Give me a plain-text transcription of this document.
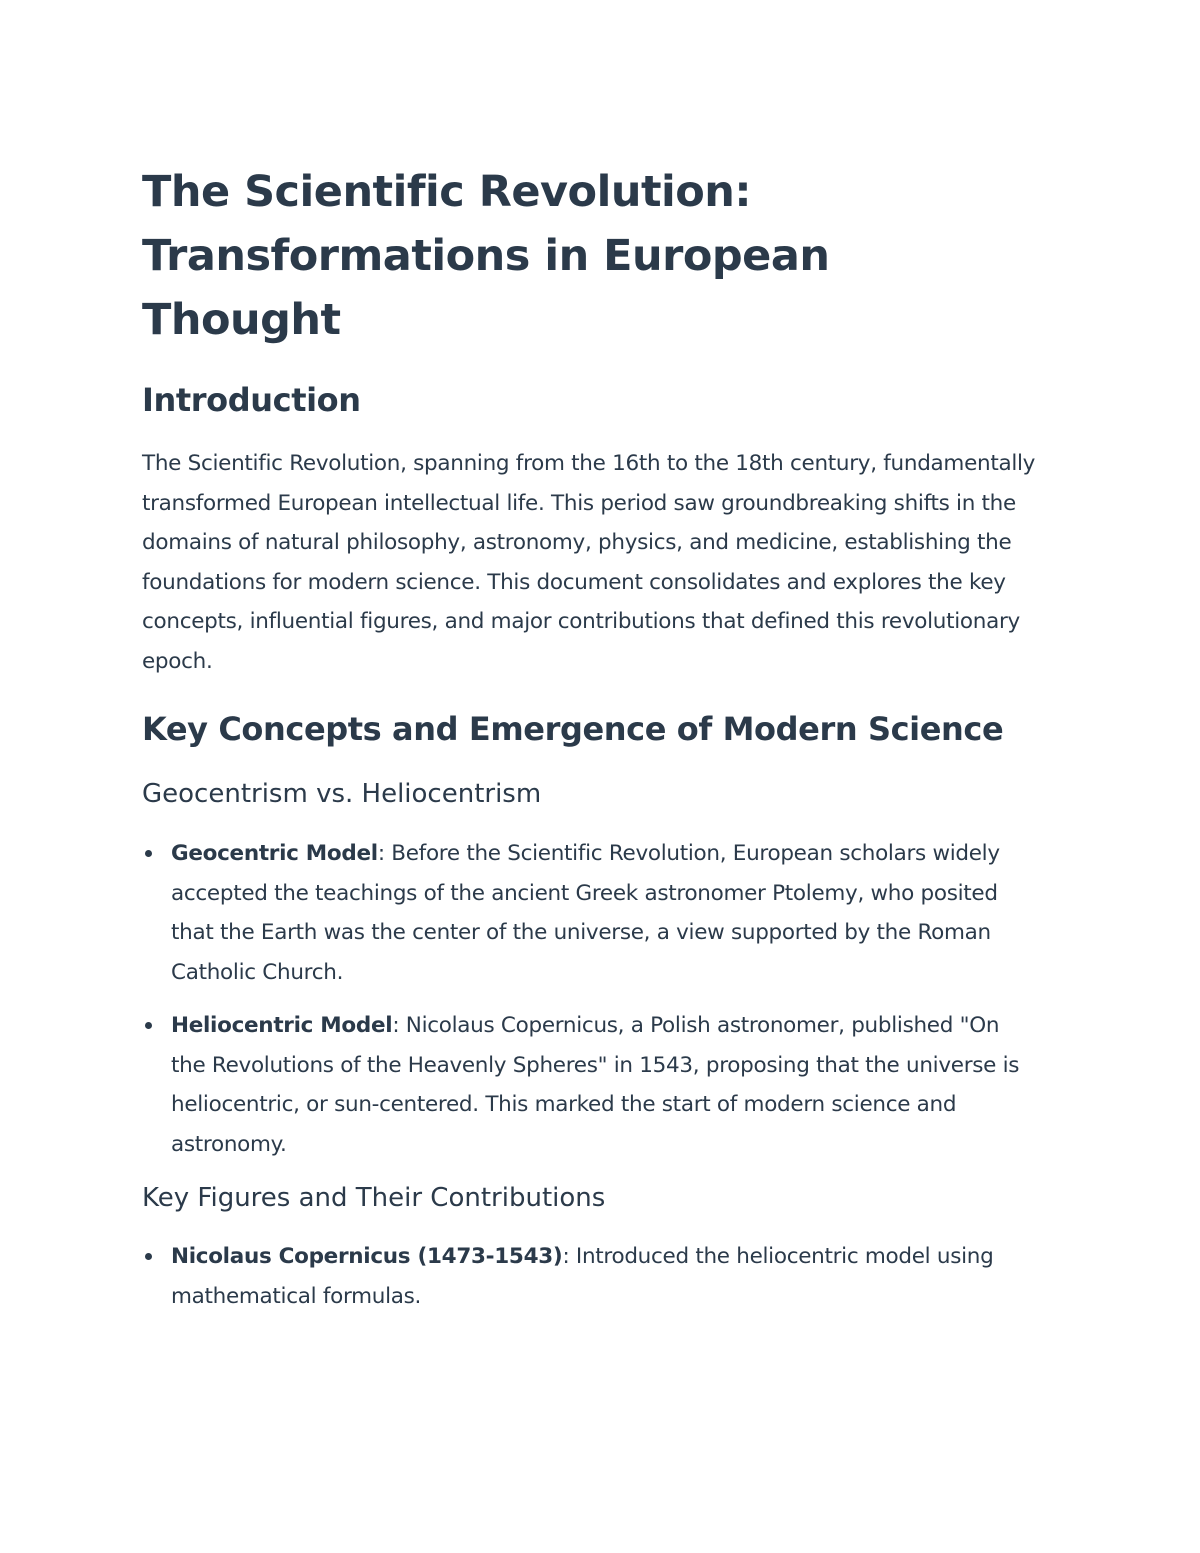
The Scientific Revolution: Transformations in European Thought
Introduction

The Scientific Revolution, spanning from the 16th to the 18th century, fundamentally transformed European intellectual life. This period saw groundbreaking shifts in the domains of natural philosophy, astronomy, physics, and medicine, establishing the foundations for modern science. This document consolidates and explores the key concepts, influential figures, and major contributions that defined this revolutionary epoch.

Key Concepts and Emergence of Modern Science
Geocentrism vs. Heliocentrism
Geocentric Model: Before the Scientific Revolution, European scholars widely accepted the teachings of the ancient Greek astronomer Ptolemy, who posited that the Earth was the center of the universe, a view supported by the Roman Catholic Church.
Heliocentric Model: Nicolaus Copernicus, a Polish astronomer, published "On the Revolutions of the Heavenly Spheres" in 1543, proposing that the universe is heliocentric, or sun-centered. This marked the start of modern science and astronomy.
Key Figures and Their Contributions
Nicolaus Copernicus (1473-1543): Introduced the heliocentric model using mathematical formulas.
